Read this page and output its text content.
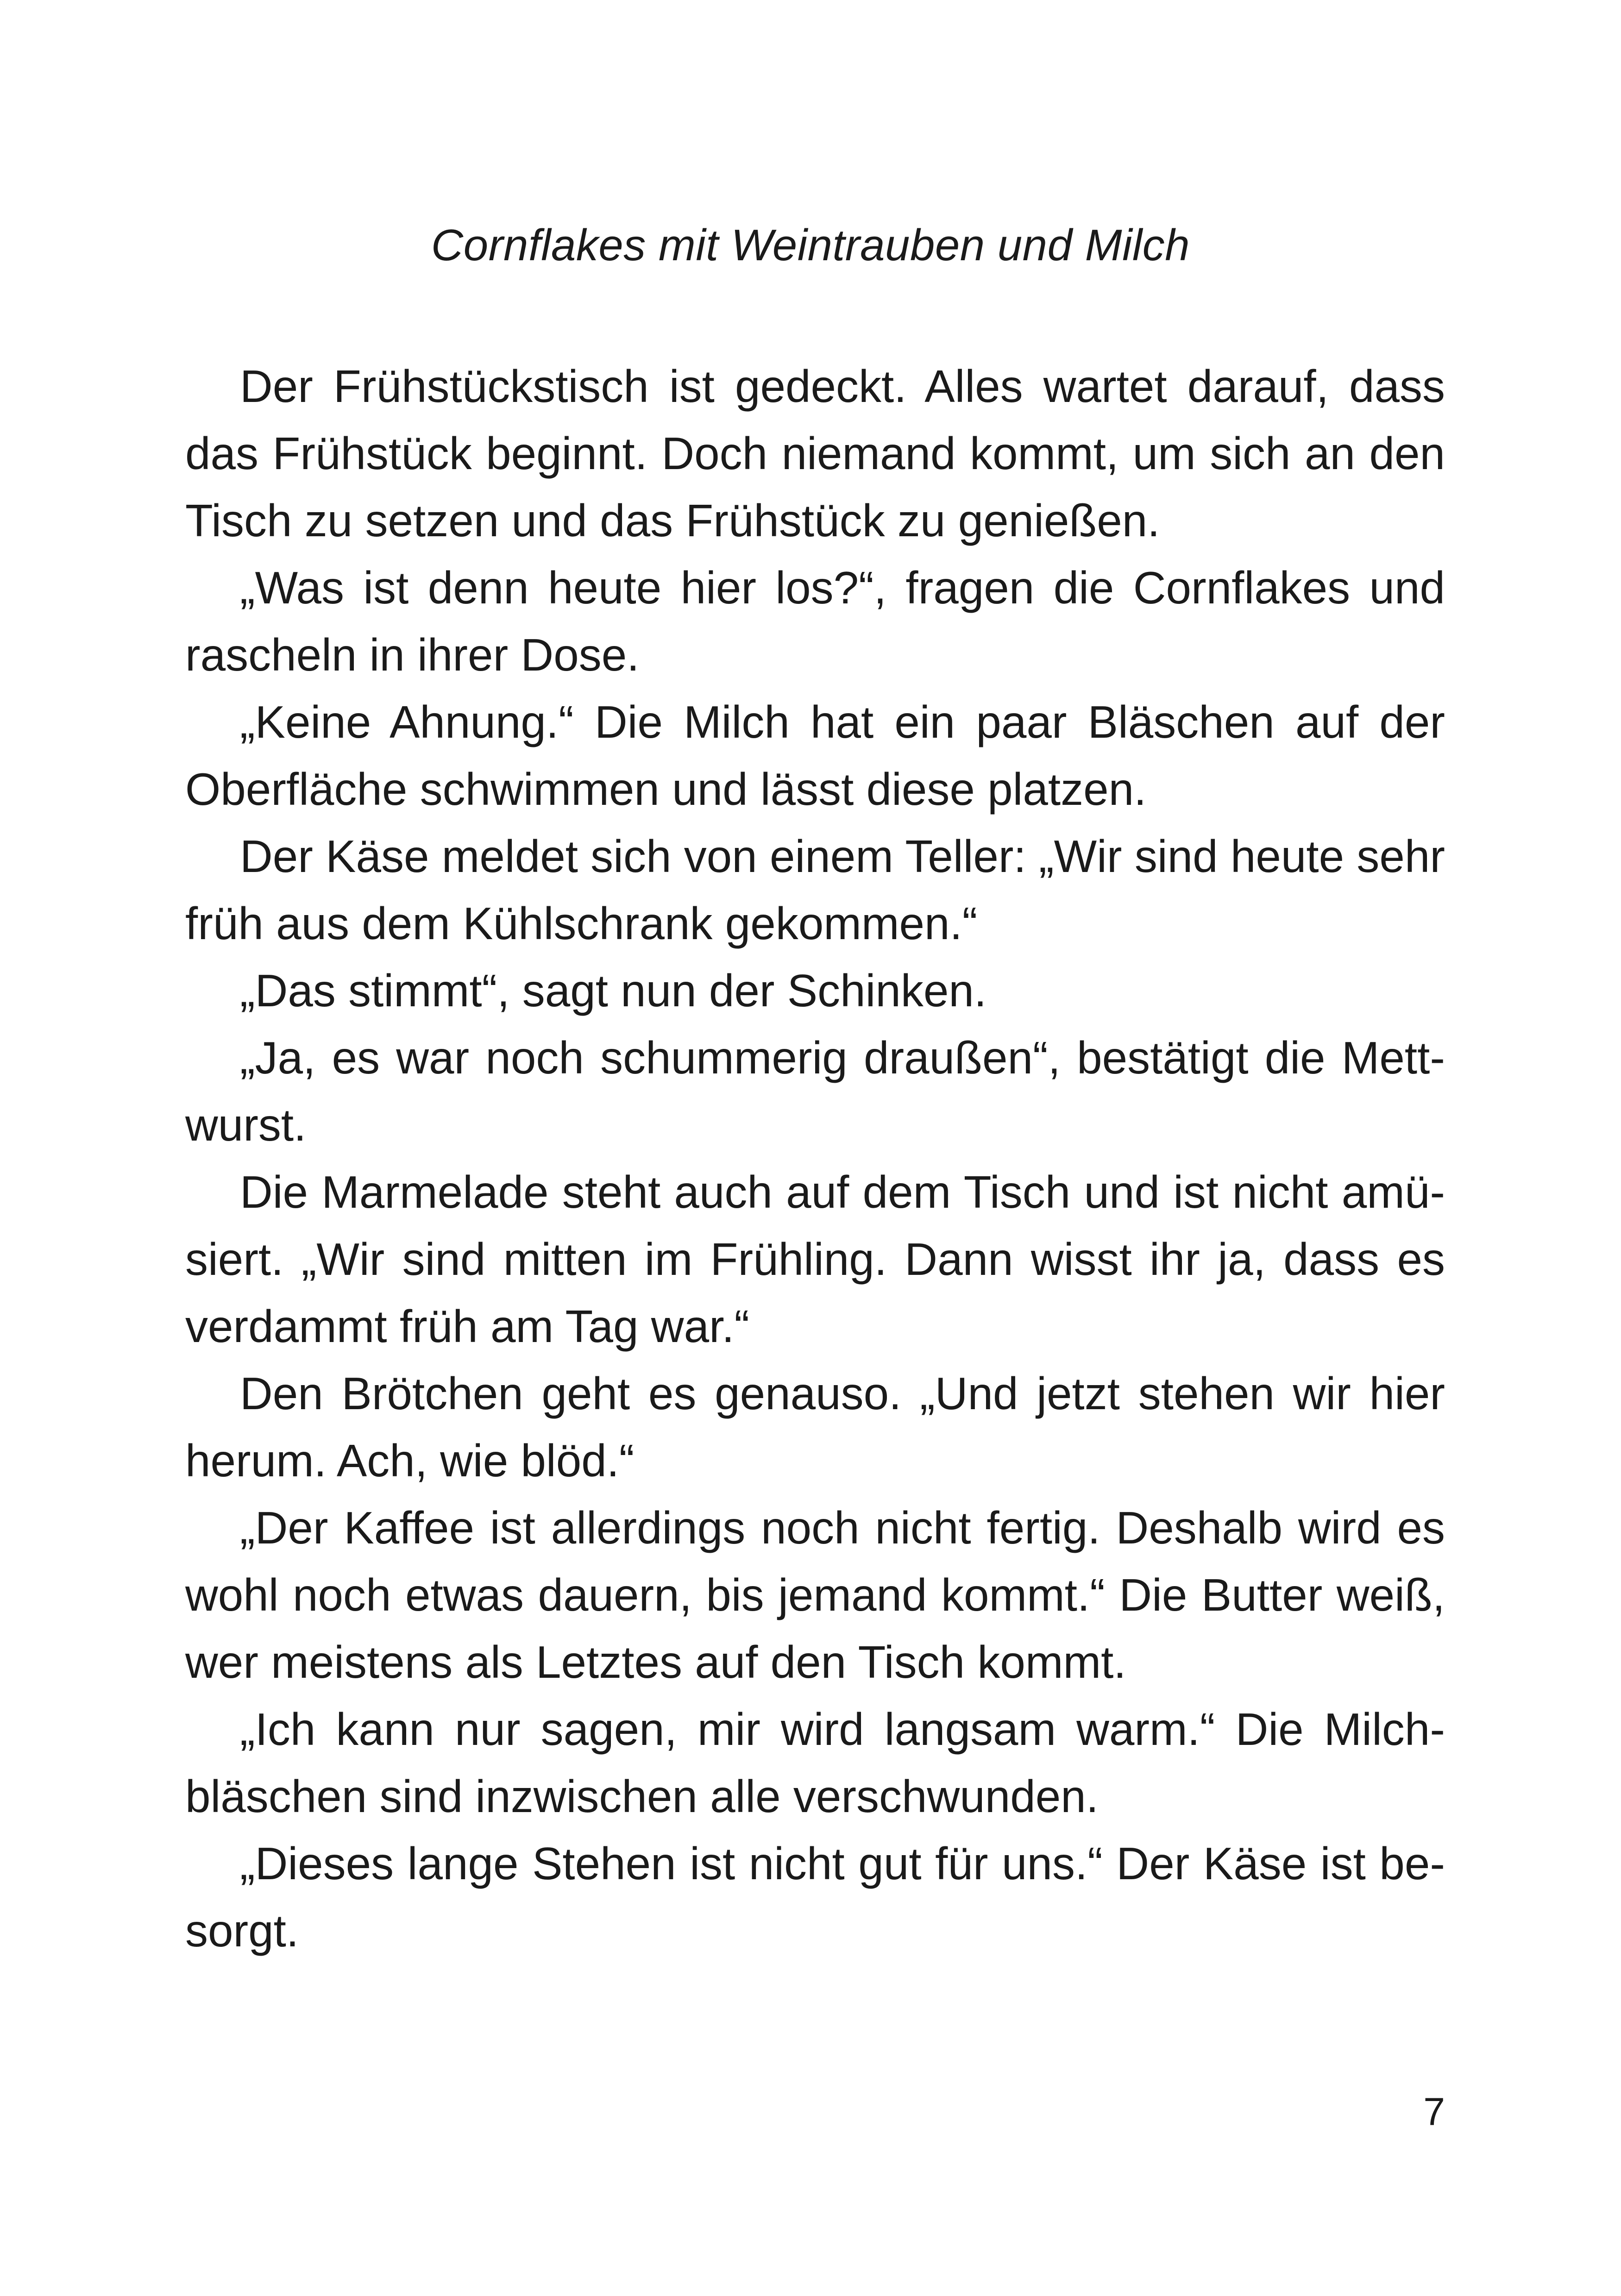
Cornflakes mit Weintrauben und Milch

Der Frühstückstisch ist gedeckt. Alles wartet darauf, dass das Frühstück beginnt. Doch niemand kommt, um sich an den Tisch zu setzen und das Frühstück zu genießen.

„Was ist denn heute hier los?“, fragen die Cornflakes und rascheln in ihrer Dose.

„Keine Ahnung.“ Die Milch hat ein paar Bläschen auf der Oberfläche schwimmen und lässt diese platzen.

Der Käse meldet sich von einem Teller: „Wir sind heute sehr früh aus dem Kühlschrank gekommen.“

„Das stimmt“, sagt nun der Schinken.

„Ja, es war noch schummerig draußen“, bestätigt die Mettwurst.

Die Marmelade steht auch auf dem Tisch und ist nicht amüsiert. „Wir sind mitten im Frühling. Dann wisst ihr ja, dass es verdammt früh am Tag war.“

Den Brötchen geht es genauso. „Und jetzt stehen wir hier herum. Ach, wie blöd.“

„Der Kaffee ist allerdings noch nicht fertig. Deshalb wird es wohl noch etwas dauern, bis jemand kommt.“ Die Butter weiß, wer meistens als Letztes auf den Tisch kommt.

„Ich kann nur sagen, mir wird langsam warm.“ Die Milchbläschen sind inzwischen alle verschwunden.

„Dieses lange Stehen ist nicht gut für uns.“ Der Käse ist besorgt.

7
